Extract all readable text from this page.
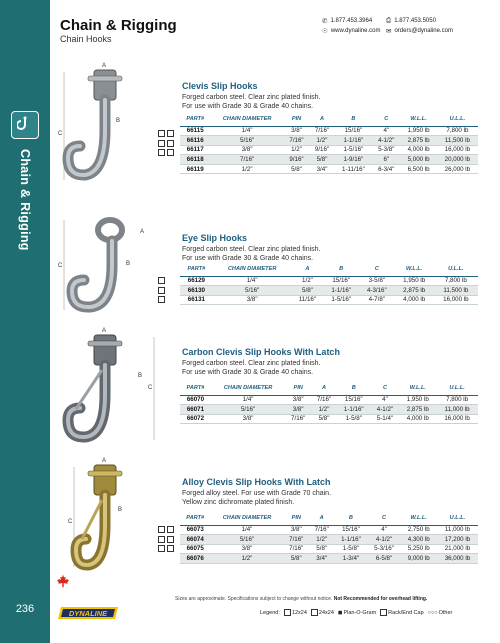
Chain & Rigging
236
Chain & Rigging
Chain Hooks
✆ 1.877.453.3964 ⎙ 1.877.453.5050
☉ www.dynaline.com ✉ orders@dynaline.com
A
B
C
Clevis Slip Hooks
Forged carbon steel. Clear zinc plated finish.
For use with Grade 30 & Grade 40 chains.
PART#	CHAIN DIAMETER	PIN	A	B	C	W.L.L.	U.L.L.
66115	1/4"	3/8"	7/16"	15/16"	4"	1,950 lb	7,800 lb
66116	5/16"	7/16"	1/2"	1-1/16"	4-1/2"	2,875 lb	11,500 lb
66117	3/8"	1/2"	9/16"	1-5/16"	5-3/8"	4,000 lb	16,000 lb
66118	7/16"	9/16"	5/8"	1-9/16"	6"	5,000 lb	20,000 lb
66119	1/2"	5/8"	3/4"	1-11/16"	6-3/4"	6,500 lb	26,000 lb
A
B
C
Eye Slip Hooks
Forged carbon steel. Clear zinc plated finish.
For use with Grade 30 & Grade 40 chains.
PART#	CHAIN DIAMETER	A	B	C	W.L.L.	U.L.L.
66129	1/4"	1/2"	15/16"	3-5/8"	1,950 lb	7,800 lb
66130	5/16"	5/8"	1-1/16"	4-3/16"	2,875 lb	11,500 lb
66131	3/8"	11/16"	1-5/16"	4-7/8"	4,000 lb	16,000 lb
A
B
C
Carbon Clevis Slip Hooks With Latch
Forged carbon steel. Clear zinc plated finish.
For use with Grade 30 & Grade 40 chains.
PART#	CHAIN DIAMETER	PIN	A	B	C	W.L.L.	U.L.L.
66070	1/4"	3/8"	7/16"	15/16"	4"	1,950 lb	7,800 lb
66071	5/16"	3/8"	1/2"	1-1/16"	4-1/2"	2,875 lb	11,000 lb
66072	3/8"	7/16"	5/8"	1-5/8"	5-1/4"	4,000 lb	16,000 lb
A
B
C
Alloy Clevis Slip Hooks With Latch
Forged alloy steel. For use with Grade 70 chain.
Yellow zinc dichromate plated finish.
PART#	CHAIN DIAMETER	PIN	A	B	C	W.L.L.	U.L.L.
66073	1/4"	3/8"	7/16"	15/16"	4"	2,750 lb	11,000 lb
66074	5/16"	7/16"	1/2"	1-1/16"	4-1/2"	4,300 lb	17,200 lb
66075	3/8"	7/16"	5/8"	1-5/8"	5-3/16"	5,250 lb	21,000 lb
66076	1/2"	5/8"	3/4"	1-3/4"	6-5/8"	9,000 lb	36,000 lb
Sizes are approximate. Specifications subject to change without notice. Not Recommended for overhead lifting.
DYNALINE	Legend: 12x24 24x24 ◼ Plan-O-Gram Rack/End Cap ○○○ Other
